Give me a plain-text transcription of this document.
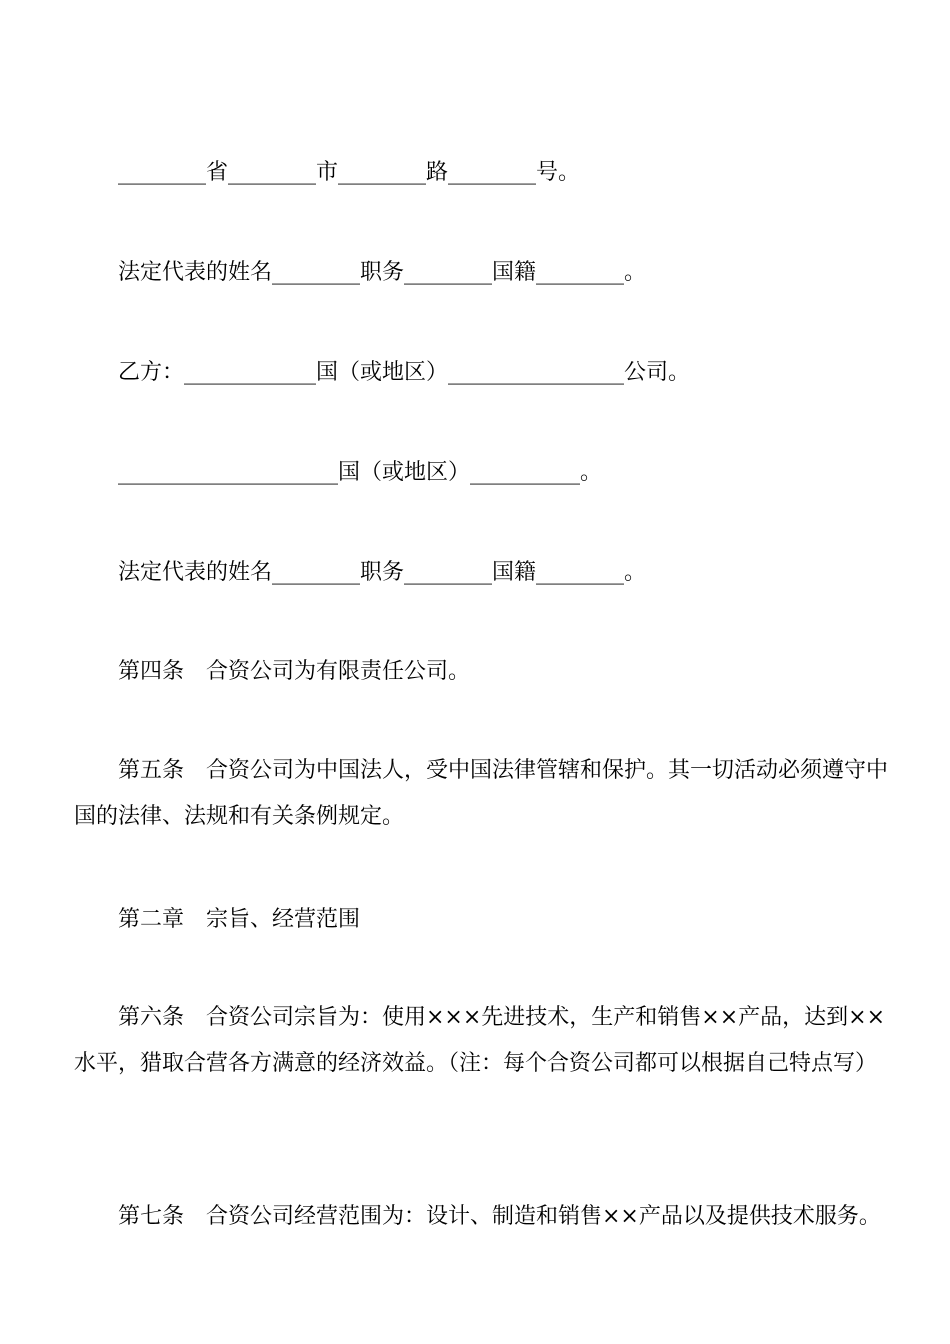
________省________市________路________号。

法定代表的姓名________职务________国籍________。

乙方：____________国（或地区）________________公司。

____________________国（或地区）__________。

法定代表的姓名________职务________国籍________。

第四条　合资公司为有限责任公司。

第五条　合资公司为中国法人，受中国法律管辖和保护。其一切活动必须遵守中国的法律、法规和有关条例规定。

第二章　宗旨、经营范围

第六条　合资公司宗旨为：使用×××先进技术，生产和销售××产品，达到××水平，猎取合营各方满意的经济效益。（注：每个合资公司都可以根据自己特点写）

第七条　合资公司经营范围为：设计、制造和销售××产品以及提供技术服务。
